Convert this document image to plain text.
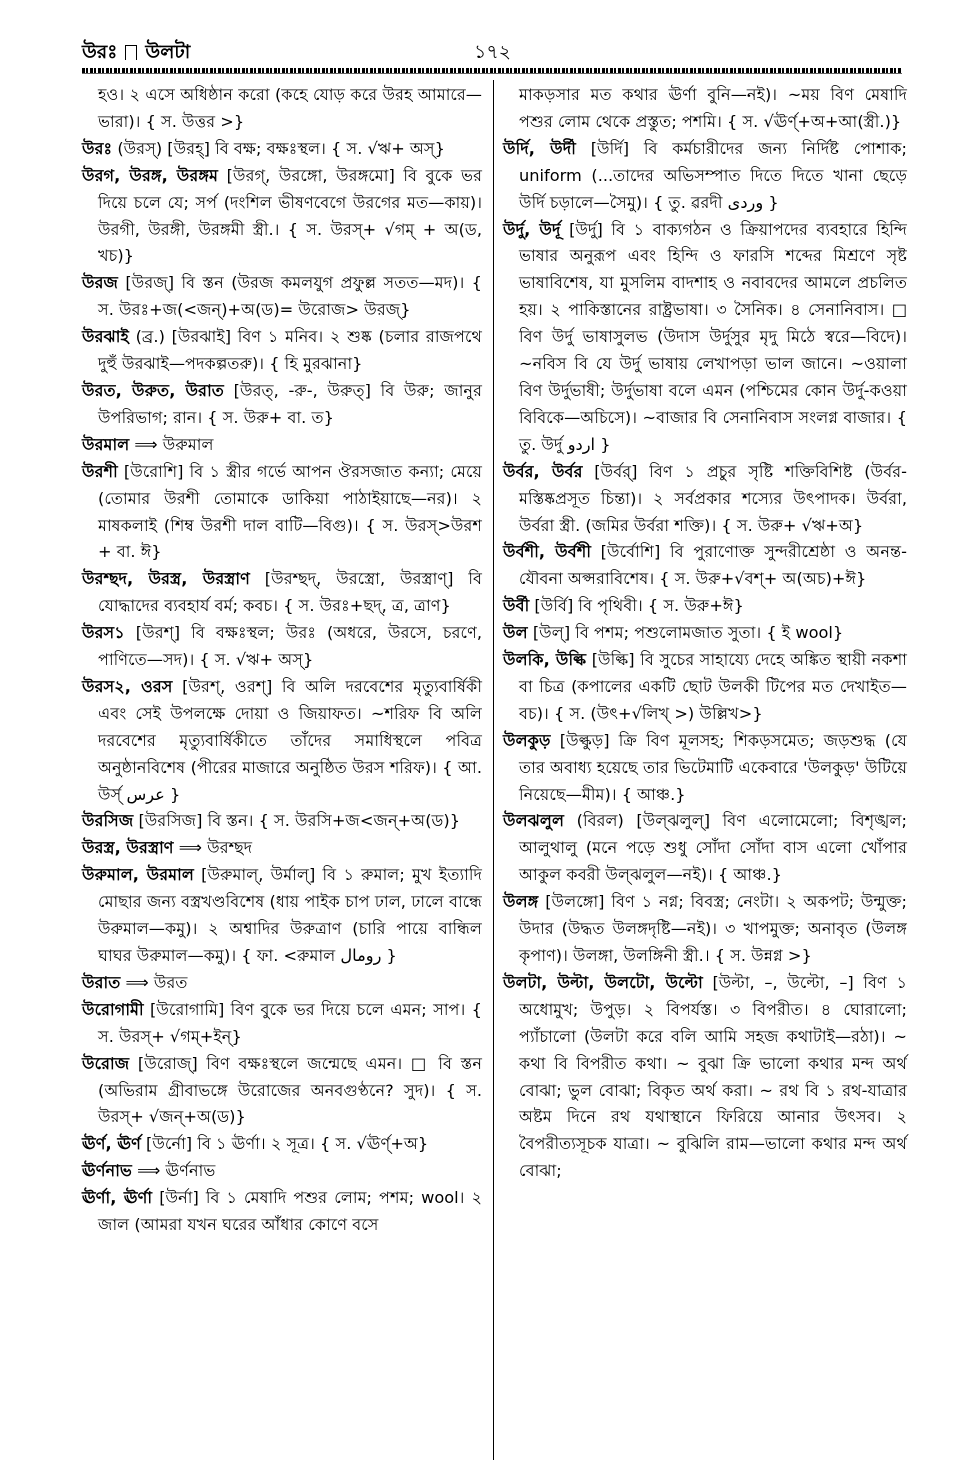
উরঃ উলটা	১৭২
হও। ২ এসে অধিষ্ঠান করো (কহে যোড় করে উরহ আমারে—ভারা)। { স. উত্তর >}
উরঃ (উরস্) [উরহ্] বি বক্ষ; বক্ষঃস্থল। { স. √ঋ+ অস্}
উরগ, উরঙ্গ, উরঙ্গম [উরগ্, উরঙ্গো, উরঙ্গমো] বি বুকে ভর দিয়ে চলে যে; সর্প (দংশিল ভীষণবেগে উরগের মত—কায়)। উরগী, উরঙ্গী, উরঙ্গমী স্ত্রী.। { স. উরস্+ √গম্ + অ(ড, খচ)}
উরজ [উরজ্] বি স্তন (উরজ কমলযুগ প্রফুল্ল সতত—মদ)। { স. উরঃ+জ(<জন্)+অ(ড)= উরোজ> উরজ্}
উরঝাই (ব্র.) [উরঝাই] বিণ ১ মনিব। ২ শুষ্ক (চলার রাজপথে দুহুঁ উরঝাই—পদকল্পতরু)। { হি মুরঝানা}
উরত, উরুত, উরাত [উরত্, -রু-, উরুত্] বি উরু; জানুর উপরিভাগ; রান। { স. উরু+ বা. ত}
উরমাল ⟹ উরুমাল
উরশী [উরোশি] বি ১ স্ত্রীর গর্ভে আপন ঔরসজাত কন্যা; মেয়ে (তোমার উরশী তোমাকে ডাকিয়া পাঠাইয়াছে—নর)। ২ মাষকলাই (শিম্ব উরশী দাল বাটি—বিগু)। { স. উরস্>উরশ + বা. ঈ}
উরশ্ছদ, উরস্ত্র, উরস্ত্রাণ [উরশ্ছদ্, উরস্ত্রো, উরস্ত্রাণ্] বি যোদ্ধাদের ব্যবহার্য বর্ম; কবচ। { স. উরঃ+ছদ্, ত্র, ত্রাণ}
উরস১ [উরশ্] বি বক্ষঃস্থল; উরঃ (অধরে, উরসে, চরণে, পাণিতে—সদ)। { স. √ঋ+ অস্}
উরস২, ওরস [উরশ্, ওরশ্] বি অলি দরবেশের মৃত্যুবার্ষিকী এবং সেই উপলক্ষে দোয়া ও জিয়াফত। ~শরিফ বি অলি দরবেশের মৃত্যুবার্ষিকীতে তাঁদের সমাধিস্থলে পবিত্র অনুষ্ঠানবিশেষ (পীরের মাজারে অনুষ্ঠিত উরস শরিফ)। { আ. উর্স্ عرس }
উরসিজ [উরসিজ] বি স্তন। { স. উরসি+জ<জন্+অ(ড)}
উরস্ত্র, উরস্ত্রাণ ⟹ উরশ্ছদ
উরুমাল, উরমাল [উরুমাল্, উর্মাল্] বি ১ রুমাল; মুখ ইত্যাদি মোছার জন্য বস্ত্রখণ্ডবিশেষ (ধায় পাইক চাপ ঢাল, ঢালে বান্ধে উরুমাল—কমু)। ২ অশ্বাদির উরুত্রাণ (চারি পায়ে বান্ধিল ঘাঘর উরুমাল—কমু)। { ফা. <রুমাল رومال }
উরাত ⟹ উরত
উরোগামী [উরোগামি] বিণ বুকে ভর দিয়ে চলে এমন; সাপ। { স. উরস্+ √গম্+ইন্}
উরোজ [উরোজ্] বিণ বক্ষঃস্থলে জন্মেছে এমন। □ বি স্তন (অভিরাম গ্রীবাভঙ্গে উরোজের অনবগুণ্ঠনে? সুদ)। { স. উরস্+ √জন্+অ(ড)}
ঊর্ণ, ঊর্ণ [উর্নো] বি ১ ঊর্ণা। ২ সূত্র। { স. √ঊর্ণ্+অ}
ঊর্ণনাভ ⟹ ঊর্ণনাভ
ঊর্ণা, ঊর্ণা [উর্না] বি ১ মেষাদি পশুর লোম; পশম; wool। ২ জাল (আমরা যখন ঘরের আঁধার কোণে বসে
মাকড়সার মত কথার ঊর্ণা বুনি—নই)। ~ময় বিণ মেষাদি পশুর লোম থেকে প্রস্তুত; পশমি। { স. √ঊর্ণ্+অ+আ(স্ত্রী.)}
উর্দি, উর্দী [উর্দি] বি কর্মচারীদের জন্য নির্দিষ্ট পোশাক; uniform (...তাদের অভিসম্পাত দিতে দিতে খানা ছেড়ে উর্দি চড়ালে—সৈমু)। { তু. ৱরদী وردی }
উর্দু, উর্দূ [উর্দু] বি ১ বাক্যগঠন ও ক্রিয়াপদের ব্যবহারে হিন্দি ভাষার অনুরূপ এবং হিন্দি ও ফারসি শব্দের মিশ্রণে সৃষ্ট ভাষাবিশেষ, যা মুসলিম বাদশাহ ও নবাবদের আমলে প্রচলিত হয়। ২ পাকিস্তানের রাষ্ট্রভাষা। ৩ সৈনিক। ৪ সেনানিবাস। □ বিণ উর্দু ভাষাসুলভ (উদাস উর্দুসুর মৃদু মিঠে স্বরে—বিদে)। ~নবিস বি যে উর্দু ভাষায় লেখাপড়া ভাল জানে। ~ওয়ালা বিণ উর্দুভাষী; উর্দুভাষা বলে এমন (পশ্চিমের কোন উর্দু-কওয়া বিবিকে—অচিসে)। ~বাজার বি সেনানিবাস সংলগ্ন বাজার। { তু. উর্দু اردو }
উর্বর, উর্বর [উর্বর্] বিণ ১ প্রচুর সৃষ্টি শক্তিবিশিষ্ট (উর্বর-মস্তিষ্কপ্রসূত চিন্তা)। ২ সর্বপ্রকার শস্যের উৎপাদক। উর্বরা, উর্বরা স্ত্রী. (জমির উর্বরা শক্তি)। { স. উরু+ √ঋ+অ}
উর্বশী, উর্বশী [উর্বোশি] বি পুরাণোক্ত সুন্দরীশ্রেষ্ঠা ও অনন্ত-যৌবনা অপ্সরাবিশেষ। { স. উরু+√বশ্+ অ(অচ)+ঈ}
উর্বী [উর্বি] বি পৃথিবী। { স. উরু+ঈ}
উল [উল্] বি পশম; পশুলোমজাত সুতা। { ই wool}
উলকি, উল্কি [উল্কি] বি সুচের সাহায্যে দেহে অঙ্কিত স্থায়ী নকশা বা চিত্র (কপালের একটি ছোট উলকী টিপের মত দেখাইত—বচ)। { স. (উৎ+√লিখ্ >) উল্লিখ>}
উলকুড় [উল্কুড়] ক্রি বিণ মূলসহ; শিকড়সমেত; জড়শুদ্ধ (যে তার অবাধ্য হয়েছে তার ভিটেমাটি একেবারে 'উলকুড়' উটিয়ে নিয়েছে—মীম)। { আঞ্চ.}
উলঝলুল (বিরল) [উল্ঝলুল্] বিণ এলোমেলো; বিশৃঙ্খল; আলুথালু (মনে পড়ে শুধু সোঁদা সোঁদা বাস এলো খোঁপার আকুল কবরী উল্ঝলুল—নই)। { আঞ্চ.}
উলঙ্গ [উলঙ্গো] বিণ ১ নগ্ন; বিবস্ত্র; নেংটা। ২ অকপট; উন্মুক্ত; উদার (উদ্ধত উলঙ্গদৃষ্টি—নই)। ৩ খাপমুক্ত; অনাবৃত (উলঙ্গ কৃপাণ)। উলঙ্গা, উলঙ্গিনী স্ত্রী.। { স. উন্নগ্ন >}
উলটা, উল্টা, উলটো, উল্টো [উল্টা, –, উল্টো, –] বিণ ১ অধোমুখ; উপুড়। ২ বিপর্যস্ত। ৩ বিপরীত। ৪ ঘোরালো; প্যাঁচালো (উলটা করে বলি আমি সহজ কথাটাই—রঠা)। ~ কথা বি বিপরীত কথা। ~ বুঝা ক্রি ভালো কথার মন্দ অর্থ বোঝা; ভুল বোঝা; বিকৃত অর্থ করা। ~ রথ বি ১ রথ-যাত্রার অষ্টম দিনে রথ যথাস্থানে ফিরিয়ে আনার উৎসব। ২ বৈপরীত্যসূচক যাত্রা। ~ বুঝিলি রাম—ভালো কথার মন্দ অর্থ বোঝা;
